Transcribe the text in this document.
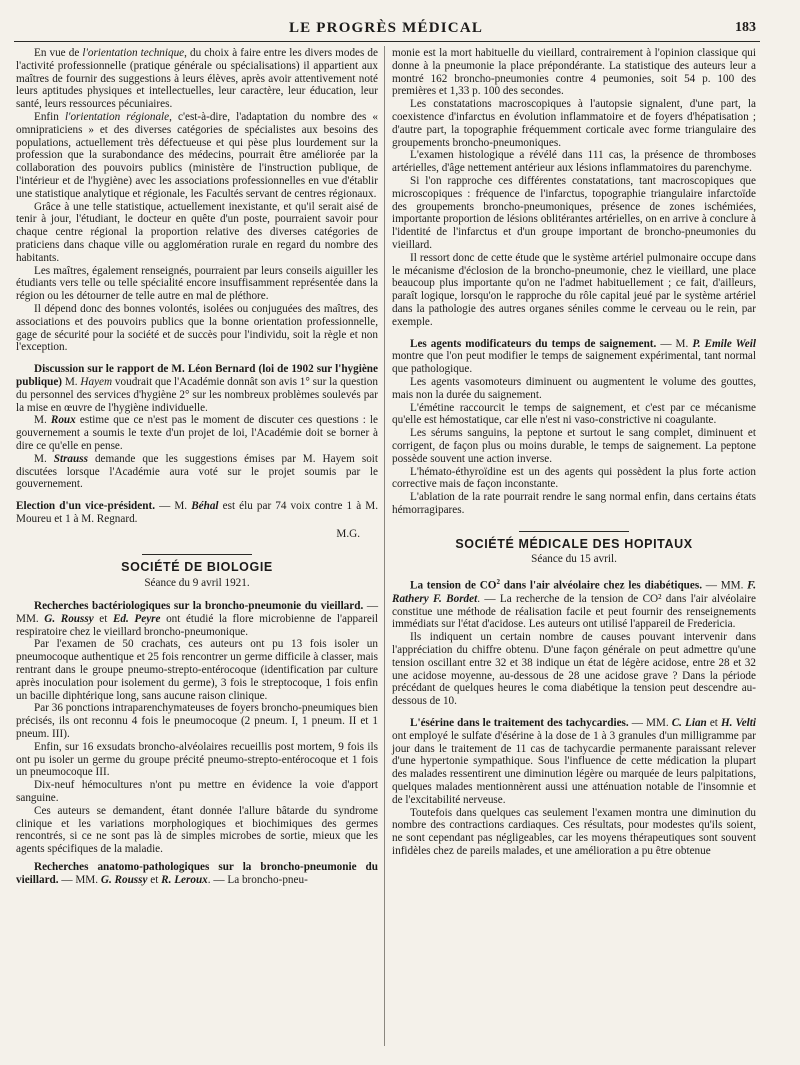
LE PROGRÈS MÉDICAL	183

En vue de l'orientation technique, du choix à faire entre les divers modes de l'activité professionnelle (pratique générale ou spécialisations) il appartient aux maîtres de fournir des suggestions à leurs élèves, après avoir attentivement noté leurs aptitudes physiques et intellectuelles, leur caractère, leur éducation, leur santé, leurs ressources pécuniaires.

Enfin l'orientation régionale, c'est-à-dire, l'adaptation du nombre des « omnipraticiens » et des diverses catégories de spécialistes aux besoins des populations, actuellement très défectueuse et qui pèse plus lourdement sur la profession que la surabondance des médecins, pourrait être améliorée par la collaboration des pouvoirs publics (ministère de l'instruction publique, de l'intérieur et de l'hygiène) avec les associations professionnelles en vue d'établir une statistique analytique et régionale, les Facultés servant de centres régionaux.

Grâce à une telle statistique, actuellement inexistante, et qu'il serait aisé de tenir à jour, l'étudiant, le docteur en quête d'un poste, pourraient savoir pour chaque centre régional la proportion relative des diverses catégories de praticiens dans chaque ville ou agglomération rurale en regard du nombre des habitants.

Les maîtres, également renseignés, pourraient par leurs conseils aiguiller les étudiants vers telle ou telle spécialité encore insuffisamment représentée dans la région ou les détourner de telle autre en mal de pléthore.

Il dépend donc des bonnes volontés, isolées ou conjuguées des maîtres, des associations et des pouvoirs publics que la bonne orientation professionnelle, gage de sécurité pour la société et de succès pour l'individu, soit la règle et non l'exception.

Discussion sur le rapport de M. Léon Bernard (loi de 1902 sur l'hygiène publique) M. Hayem voudrait que l'Académie donnât son avis 1° sur la question du personnel des services d'hygiène 2° sur les nombreux problèmes soulevés par la mise en œuvre de l'hygiène individuelle.

M. Roux estime que ce n'est pas le moment de discuter ces questions : le gouvernement a soumis le texte d'un projet de loi, l'Académie doit se borner à dire ce qu'elle en pense.

M. Strauss demande que les suggestions émises par M. Hayem soit discutées lorsque l'Académie aura voté sur le projet soumis par le gouvernement.

Election d'un vice-président. — M. Béhal est élu par 74 voix contre 1 à M. Moureu et 1 à M. Regnard.

M.G.

SOCIÉTÉ DE BIOLOGIE
Séance du 9 avril 1921.

Recherches bactériologiques sur la broncho-pneumonie du vieillard. — MM. G. Roussy et Ed. Peyre ont étudié la flore microbienne de l'appareil respiratoire chez le vieillard broncho-pneumonique.

Par l'examen de 50 crachats, ces auteurs ont pu 13 fois isoler un pneumocoque authentique et 25 fois rencontrer un germe difficile à classer, mais rentrant dans le groupe pneumo-strepto-entérocoque (identification par culture après inoculation pour isolement du germe), 3 fois le streptocoque, 1 fois enfin un bacille diphtérique long, sans aucune raison clinique.

Par 36 ponctions intraparenchymateuses de foyers broncho-pneumiques bien précisés, ils ont reconnu 4 fois le pneumocoque (2 pneum. I, 1 pneum. II et 1 pneum. III).

Enfin, sur 16 exsudats broncho-alvéolaires recueillis post mortem, 9 fois ils ont pu isoler un germe du groupe précité pneumo-strepto-entérocoque et 1 fois un pneumocoque III.

Dix-neuf hémocultures n'ont pu mettre en évidence la voie d'apport sanguine.

Ces auteurs se demandent, étant donnée l'allure bâtarde du syndrome clinique et les variations morphologiques et biochimiques des germes rencontrés, si ce ne sont pas là de simples microbes de sortie, mieux que les agents spécifiques de la maladie.

Recherches anatomo-pathologiques sur la broncho-pneumonie du vieillard. — MM. G. Roussy et R. Leroux. — La broncho-pneu-

monie est la mort habituelle du vieillard, contrairement à l'opinion classique qui donne à la pneumonie la place prépondérante. La statistique des auteurs leur a montré 162 broncho-pneumonies contre 4 peumonies, soit 54 p. 100 des premières et 1,33 p. 100 des secondes.

Les constatations macroscopiques à l'autopsie signalent, d'une part, la coexistence d'infarctus en évolution inflammatoire et de foyers d'hépatisation ; d'autre part, la topographie fréquemment corticale avec forme triangulaire des groupements broncho-pneumoniques.

L'examen histologique a révélé dans 111 cas, la présence de thromboses artérielles, d'âge nettement antérieur aux lésions inflammatoires du parenchyme.

Si l'on rapproche ces différentes constatations, tant macroscopiques que microscopiques : fréquence de l'infarctus, topographie triangulaire infarctoïde des groupements broncho-pneumoniques, présence de zones ischémiées, importante proportion de lésions oblitérantes artérielles, on en arrive à conclure à l'identité de l'infarctus et d'un groupe important de broncho-pneumonies du vieillard.

Il ressort donc de cette étude que le système artériel pulmonaire occupe dans le mécanisme d'éclosion de la broncho-pneumonie, chez le vieillard, une place beaucoup plus importante qu'on ne l'admet habituellement ; ce fait, d'ailleurs, paraît logique, lorsqu'on le rapproche du rôle capital jeué par le système artériel dans la pathologie des autres organes séniles comme le cerveau ou le rein, par exemple.

Les agents modificateurs du temps de saignement. — M. P. Emile Weil montre que l'on peut modifier le temps de saignement expérimental, tant normal que pathologique.

Les agents vasomoteurs diminuent ou augmentent le volume des gouttes, mais non la durée du saignement.

L'émétine raccourcit le temps de saignement, et c'est par ce mécanisme qu'elle est hémostatique, car elle n'est ni vaso-constrictive ni coagulante.

Les sérums sanguins, la peptone et surtout le sang complet, diminuent et corrigent, de façon plus ou moins durable, le temps de saignement. La peptone possède souvent une action inverse.

L'hémato-éthyroïdine est un des agents qui possèdent la plus forte action corrective mais de façon inconstante.

L'ablation de la rate pourrait rendre le sang normal enfin, dans certains états hémorragipares.

SOCIÉTÉ MÉDICALE DES HOPITAUX
Séance du 15 avril.

La tension de $CO^2$ dans l'air alvéolaire chez les diabétiques. — MM. F. Rathery F. Bordet. — La recherche de la tension de CO² dans l'air alvéolaire constitue une méthode de réalisation facile et peut fournir des renseignements immédiats sur l'état d'acidose. Les auteurs ont utilisé l'appareil de Fredericia.

Ils indiquent un certain nombre de causes pouvant intervenir dans l'appréciation du chiffre obtenu. D'une façon générale on peut admettre qu'une tension oscillant entre 32 et 38 indique un état de légère acidose, entre 28 et 32 une acidose moyenne, au-dessous de 28 une acidose grave ? Dans la période précédant de quelques heures le coma diabétique la tension peut descendre au-dessous de 10.

L'ésérine dans le traitement des tachycardies. — MM. C. Lian et H. Velti ont employé le sulfate d'ésérine à la dose de 1 à 3 granules d'un milligramme par jour dans le traitement de 11 cas de tachycardie permanente paraissant relever d'une hypertonie sympathique. Sous l'influence de cette médication la plupart des malades ressentirent une diminution légère ou marquée de leurs palpitations, quelques malades mentionnèrent aussi une atténuation notable de l'insomnie et de l'excitabilité nerveuse.

Toutefois dans quelques cas seulement l'examen montra une diminution du nombre des contractions cardiaques. Ces résultats, pour modestes qu'ils soient, ne sont cependant pas négligeables, car les moyens thérapeutiques sont souvent infidèles chez de pareils malades, et une amélioration a pu être obtenue
